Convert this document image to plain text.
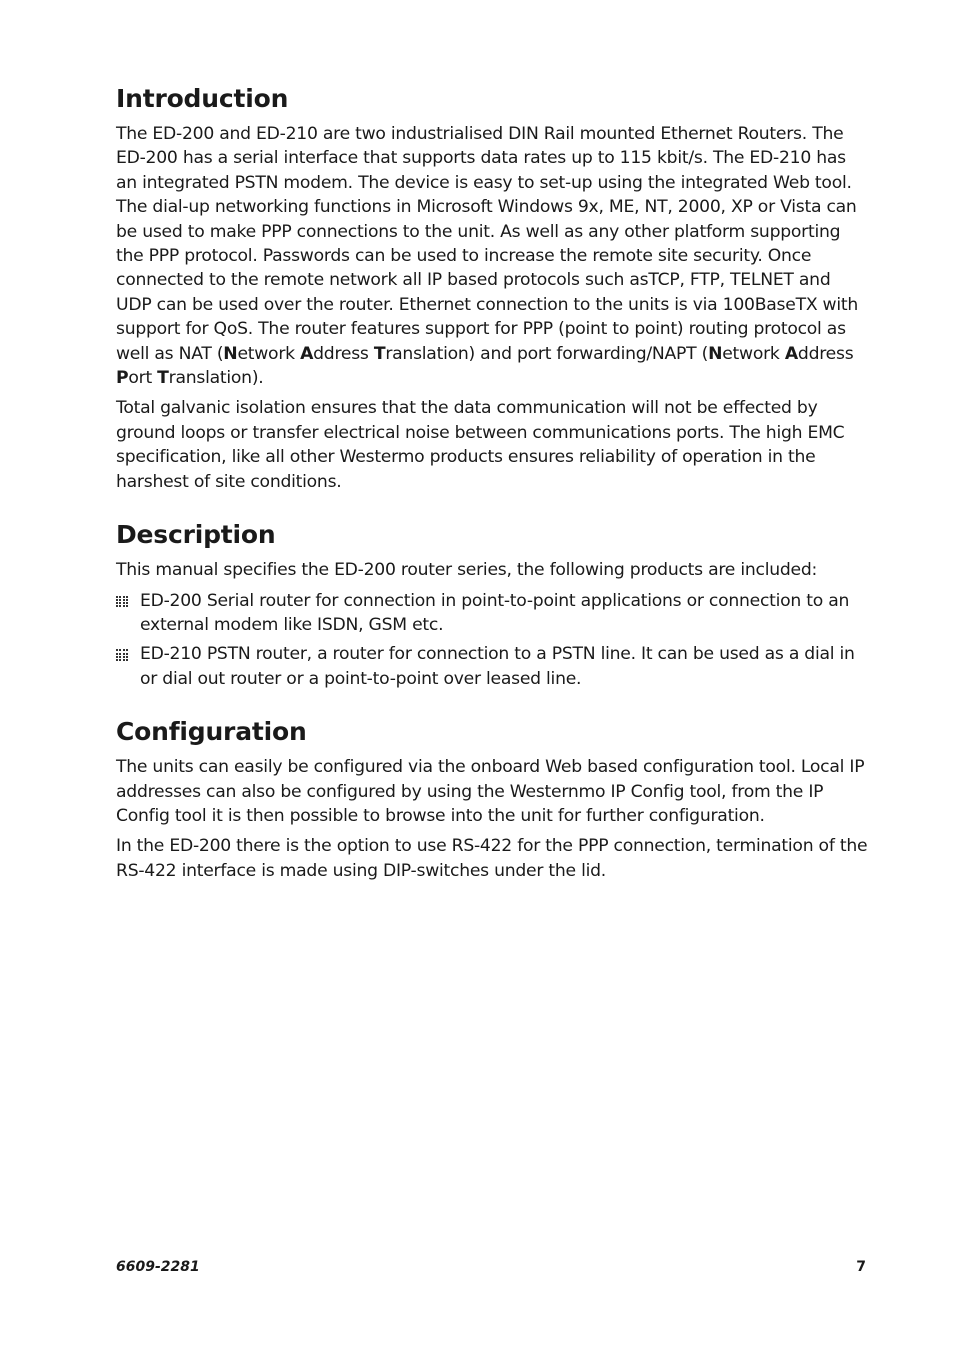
Introduction

The ED-200 and ED-210 are two industrialised DIN Rail mounted Ethernet Routers. The ED-200 has a serial interface that supports data rates up to 115 kbit/s. The ED-210 has an integrated PSTN modem. The device is easy to set-up using the integrated Web tool. The dial-up networking functions in Microsoft Windows 9x, ME, NT, 2000, XP or Vista can be used to make PPP connections to the unit. As well as any other platform supporting the PPP protocol. Passwords can be used to increase the remote site security. Once connected to the remote network all IP based protocols such asTCP, FTP, TELNET and UDP can be used over the router. Ethernet connection to the units is via 100BaseTX with support for QoS. The router features support for PPP (point to point) routing protocol as well as NAT (Network Address Translation) and port forwarding/NAPT (Network Address Port Translation).

Total galvanic isolation ensures that the data communication will not be effected by ground loops or transfer electrical noise between communications ports. The high EMC specification, like all other Westermo products ensures reliability of operation in the harshest of site conditions.

Description

This manual specifies the ED-200 router series, the following products are included:

ED-200 Serial router for connection in point-to-point applications or connection to an external modem like ISDN, GSM etc.
ED-210 PSTN router, a router for connection to a PSTN line. It can be used as a dial in or dial out router or a point-to-point over leased line.
Configuration

The units can easily be configured via the onboard Web based configuration tool. Local IP addresses can also be configured by using the Westernmo IP Config tool, from the IP Config tool it is then possible to browse into the unit for further configuration.

In the ED-200 there is the option to use RS-422 for the PPP connection, termination of the RS-422 interface is made using DIP-switches under the lid.

6609-2281	7
